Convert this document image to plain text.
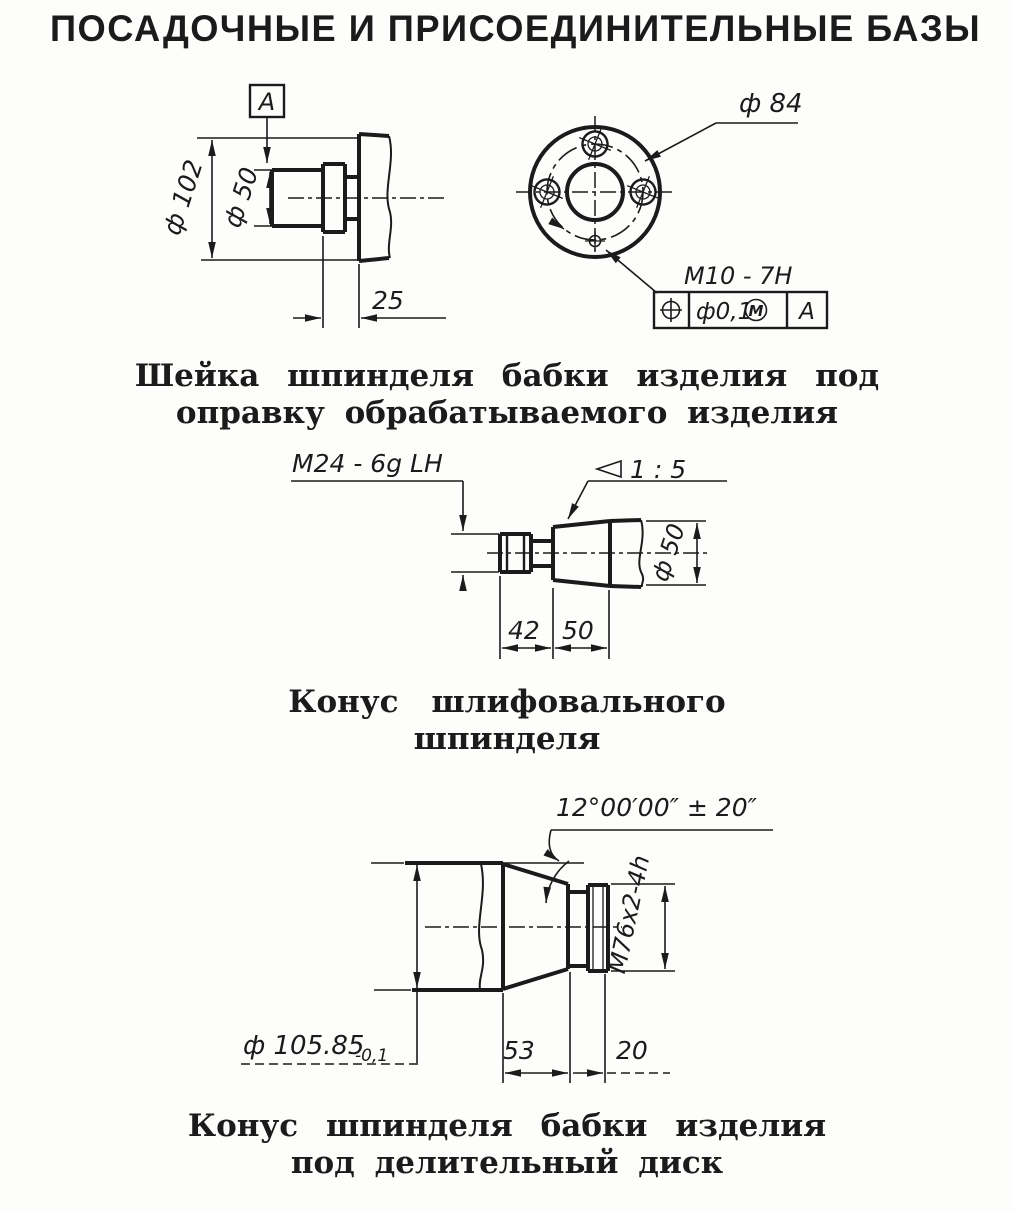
ПОСАДОЧНЫЕ И ПРИСОЕДИНИТЕЛЬНЫЕ БАЗЫ
ф 102 ф 50
A
25
ф 84
M10 - 7H
ф0,1
M A
M24 - 6g LH	1 : 5
ф 50
42 50
12°00′00″ ± 20″
ф 105.85
-0,1
M76x2-4h
53	20
Шейка шпинделя бабки изделия под
оправку обрабатываемого изделия
Конус шлифовального
шпинделя
Конус шпинделя бабки изделия
под делительный диск
